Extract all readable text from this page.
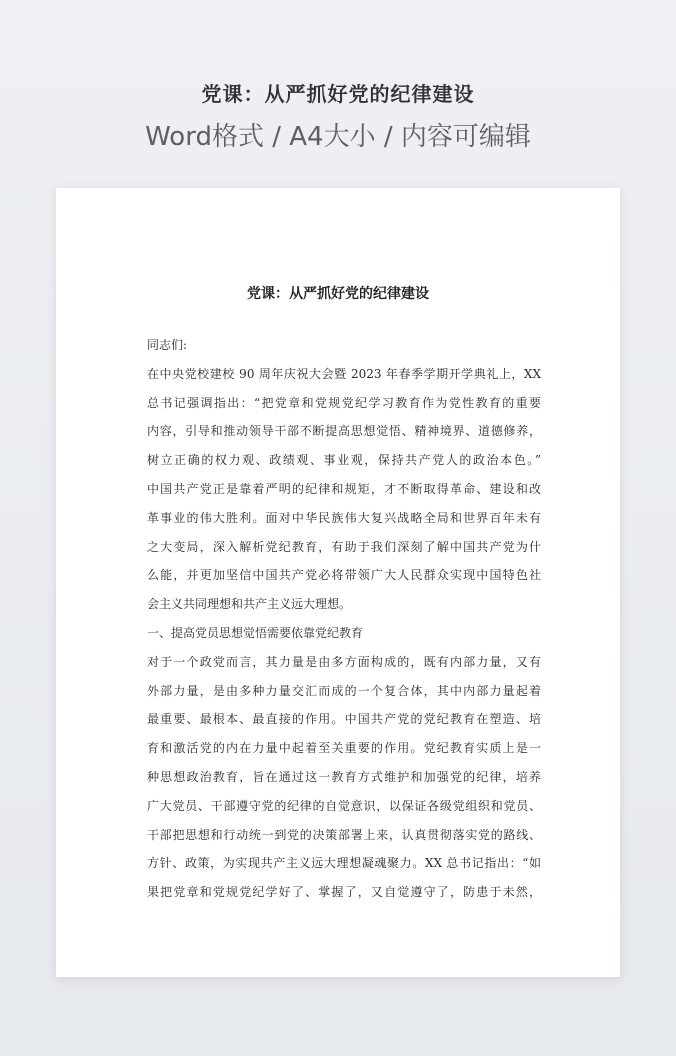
党课：从严抓好党的纪律建设
Word格式 / A4大小 / 内容可编辑
党课：从严抓好党的纪律建设
同志们:
在中央党校建校 90 周年庆祝大会暨 2023 年春季学期开学典礼上，XX
总书记强调指出：“把党章和党规党纪学习教育作为党性教育的重要
内容，引导和推动领导干部不断提高思想觉悟、精神境界、道德修养，
树立正确的权力观、政绩观、事业观，保持共产党人的政治本色。”
中国共产党正是靠着严明的纪律和规矩，才不断取得革命、建设和改
革事业的伟大胜利。面对中华民族伟大复兴战略全局和世界百年未有
之大变局，深入解析党纪教育，有助于我们深刻了解中国共产党为什
么能，并更加坚信中国共产党必将带领广大人民群众实现中国特色社
会主义共同理想和共产主义远大理想。
一、提高党员思想觉悟需要依靠党纪教育
对于一个政党而言，其力量是由多方面构成的，既有内部力量，又有
外部力量，是由多种力量交汇而成的一个复合体，其中内部力量起着
最重要、最根本、最直接的作用。中国共产党的党纪教育在塑造、培
育和激活党的内在力量中起着至关重要的作用。党纪教育实质上是一
种思想政治教育，旨在通过这一教育方式维护和加强党的纪律，培养
广大党员、干部遵守党的纪律的自觉意识，以保证各级党组织和党员、
干部把思想和行动统一到党的决策部署上来，认真贯彻落实党的路线、
方针、政策，为实现共产主义远大理想凝魂聚力。XX 总书记指出：“如
果把党章和党规党纪学好了、掌握了，又自觉遵守了，防患于未然，
